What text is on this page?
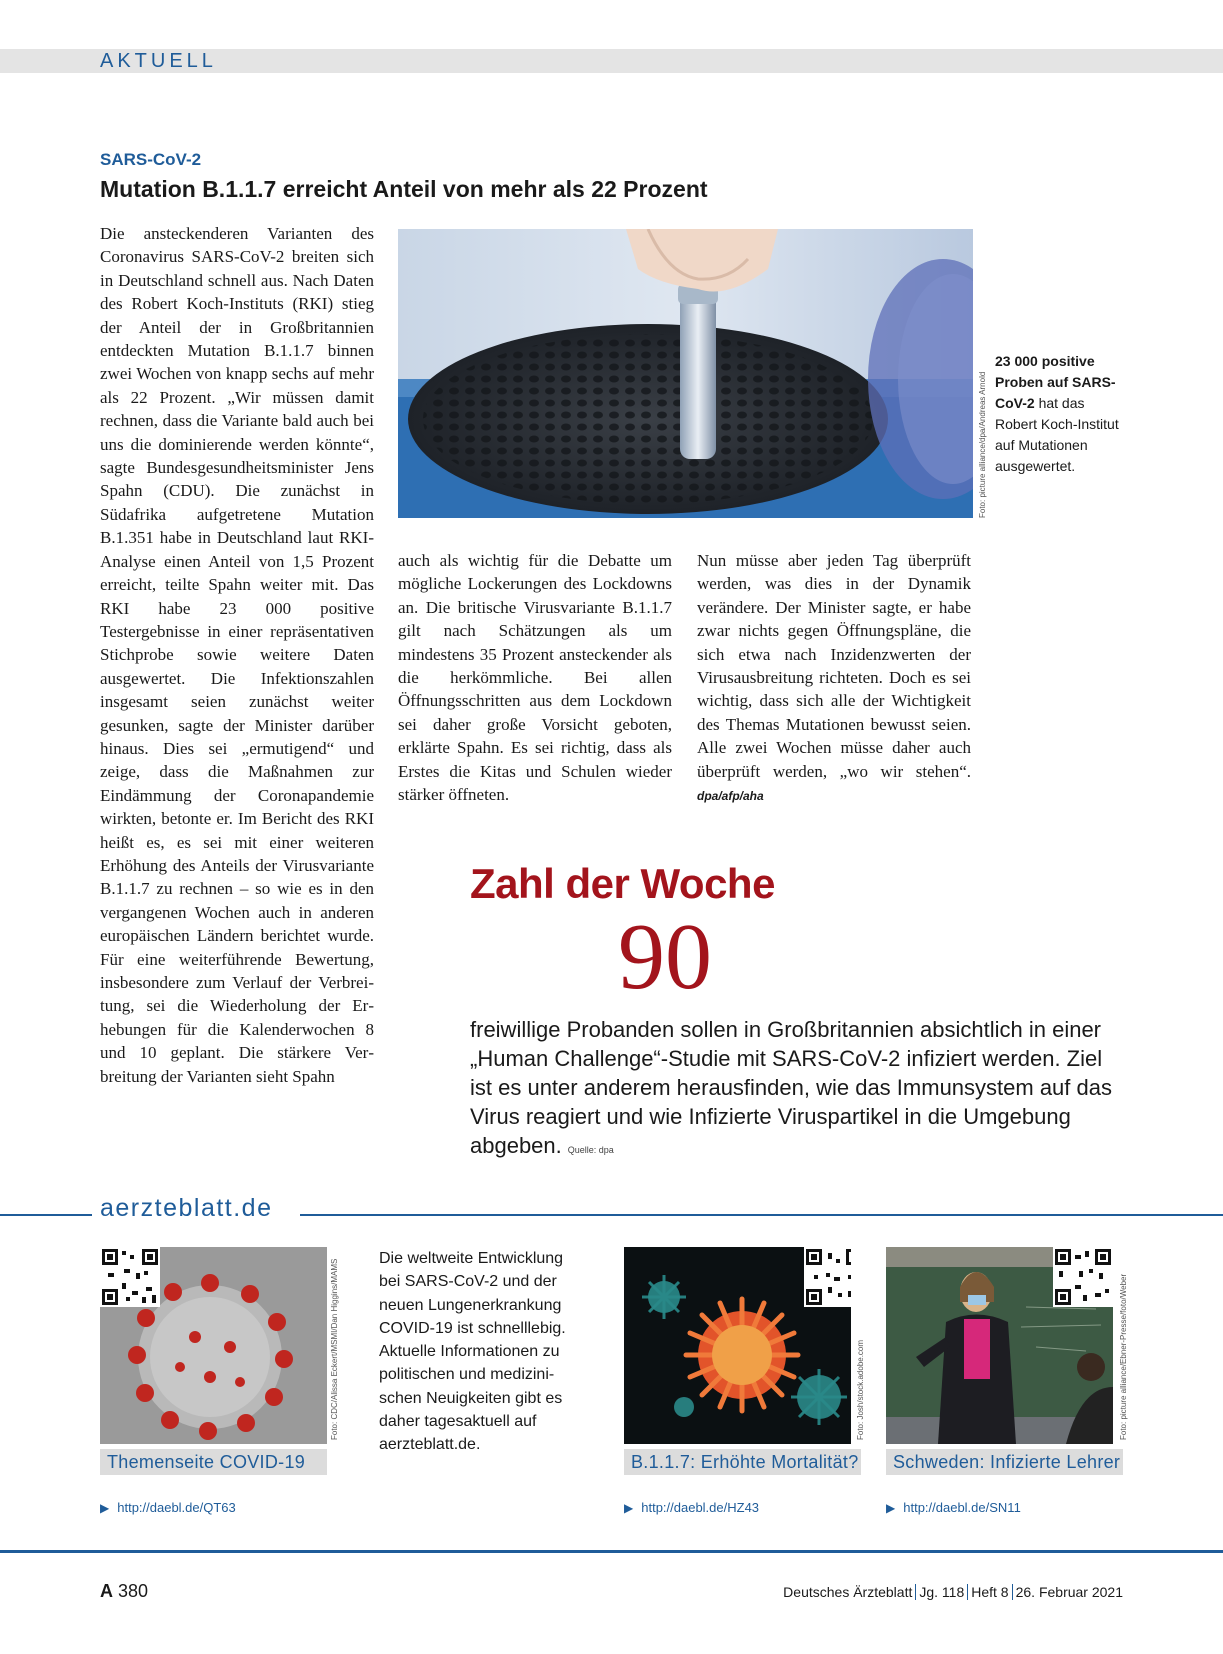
AKTUELL
SARS-CoV-2
Mutation B.1.1.7 erreicht Anteil von mehr als 22 Prozent
Die ansteckenderen Varianten des Coronavirus SARS-CoV-2 breiten sich in Deutschland schnell aus. Nach Daten des Robert Koch-Instituts (RKI) stieg der Anteil der in Großbritannien entdeckten Mutation B.1.1.7 binnen zwei Wochen von knapp sechs auf mehr als 22 Prozent. „Wir müssen damit rechnen, dass die Variante bald auch bei uns die dominierende werden könnte“, sagte Bundesgesundheitsminister Jens Spahn (CDU). Die zunächst in Südafrika aufgetretene Mutation B.1.351 habe in Deutschland laut RKI-Analyse einen Anteil von 1,5 Prozent erreicht, teilte Spahn weiter mit. Das RKI habe 23 000 positive Testergebnisse in einer repräsentativen Stichprobe sowie weitere Daten ausgewertet. Die Infektionszahlen insgesamt seien zunächst weiter gesunken, sagte der Minister darüber hinaus. Dies sei „ermutigend“ und zeige, dass die Maßnahmen zur Eindämmung der Coronapandemie wirkten, betonte er. Im Bericht des RKI heißt es, es sei mit einer weiteren Erhöhung des Anteils der Virusvariante B.1.1.7 zu rechnen – so wie es in den vergangenen Wochen auch in anderen europäischen Ländern berichtet wurde. Für eine weiterführende Bewertung, insbesondere zum Verlauf der Verbreitung, sei die Wiederholung der Erhebungen für die Kalenderwochen 8 und 10 geplant. Die stärkere Verbreitung der Varianten sieht Spahn
auch als wichtig für die Debatte um mögliche Lockerungen des Lockdowns an. Die britische Virusvariante B.1.1.7 gilt nach Schätzungen als um mindestens 35 Prozent ansteckender als die herkömmliche. Bei allen Öffnungsschritten aus dem Lockdown sei daher große Vorsicht geboten, erklärte Spahn. Es sei richtig, dass als Erstes die Kitas und Schulen wieder stärker öffneten.
Nun müsse aber jeden Tag überprüft werden, was dies in der Dynamik verändere. Der Minister sagte, er habe zwar nichts gegen Öffnungspläne, die sich etwa nach Inzidenzwerten der Virusausbreitung richteten. Doch es sei wichtig, dass sich alle der Wichtigkeit des Themas Mutationen bewusst seien. Alle zwei Wochen müsse daher auch überprüft werden, „wo wir stehen“. dpa/afp/aha
Foto: picture alliance/dpa/Andreas Arnold
23 000 positive Proben auf SARS-CoV-2 hat das Robert Koch-Institut auf Mutationen ausgewertet.
Zahl der Woche
90
freiwillige Probanden sollen in Großbritannien absichtlich in einer „Human Challenge“-Studie mit SARS-CoV-2 infiziert werden. Ziel ist es unter anderem herausfinden, wie das Immunsystem auf das Virus reagiert und wie Infizierte Viruspartikel in die Umgebung abgeben. Quelle: dpa
aerzteblatt.de
Foto: CDC/Alissa Eckert/MSMI/Dan Higgins/MAMS
Themenseite COVID-19
▶ http://daebl.de/QT63
Die weltweite Entwicklung bei SARS-CoV-2 und der neuen Lungenerkrankung COVID-19 ist schnelllebig. Aktuelle Informationen zu politischen und medizinischen Neuigkeiten gibt es daher tagesaktuell auf aerzteblatt.de.
Foto: Josh/stock.adobe.com
B.1.1.7: Erhöhte Mortalität?
▶ http://daebl.de/HZ43
Foto: picture alliance/Ebner-Presse/foto/Weber
Schweden: Infizierte Lehrer
▶ http://daebl.de/SN11
A 380	Deutsches Ärzteblatt Jg. 118 Heft 8 26. Februar 2021
